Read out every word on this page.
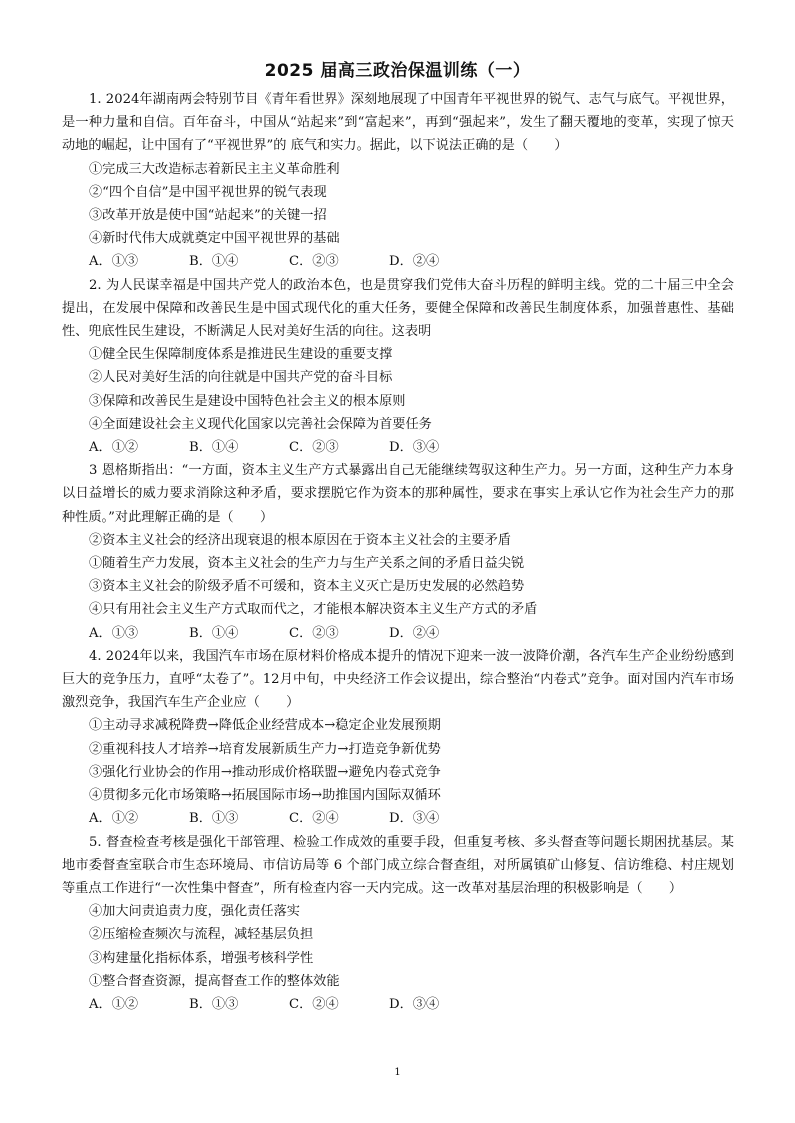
2025 届高三政治保温训练（一）

1. 2024年湖南两会特别节目《青年看世界》深刻地展现了中国青年平视世界的锐气、志气与底气。平视世界，是一种力量和自信。百年奋斗，中国从“站起来”到“富起来”，再到“强起来”，发生了翻天覆地的变革，实现了惊天动地的崛起，让中国有了“平视世界”的 底气和实力。据此，以下说法正确的是（　　）

①完成三大改造标志着新民主主义革命胜利

②“四个自信”是中国平视世界的锐气表现

③改革开放是使中国“站起来”的关键一招

④新时代伟大成就奠定中国平视世界的基础

A．①③	B．①④	C．②③	D．②④

2. 为人民谋幸福是中国共产党人的政治本色，也是贯穿我们党伟大奋斗历程的鲜明主线。党的二十届三中全会提出，在发展中保障和改善民生是中国式现代化的重大任务，要健全保障和改善民生制度体系，加强普惠性、基础性、兜底性民生建设，不断满足人民对美好生活的向往。这表明

①健全民生保障制度体系是推进民生建设的重要支撑

②人民对美好生活的向往就是中国共产党的奋斗目标

③保障和改善民生是建设中国特色社会主义的根本原则

④全面建设社会主义现代化国家以完善社会保障为首要任务

A．①②	B．①④	C．②③	D．③④

3 恩格斯指出：“一方面，资本主义生产方式暴露出自己无能继续驾驭这种生产力。另一方面，这种生产力本身以日益增长的威力要求消除这种矛盾，要求摆脱它作为资本的那种属性，要求在事实上承认它作为社会生产力的那种性质。”对此理解正确的是（　　）

②资本主义社会的经济出现衰退的根本原因在于资本主义社会的主要矛盾

①随着生产力发展，资本主义社会的生产力与生产关系之间的矛盾日益尖锐

③资本主义社会的阶级矛盾不可缓和，资本主义灭亡是历史发展的必然趋势

④只有用社会主义生产方式取而代之，才能根本解决资本主义生产方式的矛盾

A．①③	B．①④	C．②③	D．②④

4. 2024年以来，我国汽车市场在原材料价格成本提升的情况下迎来一波一波降价潮，各汽车生产企业纷纷感到巨大的竞争压力，直呼“太卷了”。12月中旬，中央经济工作会议提出，综合整治“内卷式”竞争。面对国内汽车市场激烈竞争，我国汽车生产企业应（　　）

①主动寻求减税降费→降低企业经营成本→稳定企业发展预期

②重视科技人才培养→培育发展新质生产力→打造竞争新优势

③强化行业协会的作用→推动形成价格联盟→避免内卷式竞争

④贯彻多元化市场策略→拓展国际市场→助推国内国际双循环

A．①②	B．①③	C．②④	D．③④

5. 督查检查考核是强化干部管理、检验工作成效的重要手段，但重复考核、多头督查等问题长期困扰基层。某地市委督查室联合市生态环境局、市信访局等 6 个部门成立综合督查组，对所属镇矿山修复、信访维稳、村庄规划等重点工作进行“一次性集中督查”，所有检查内容一天内完成。这一改革对基层治理的积极影响是（　　）

④加大问责追责力度，强化责任落实

②压缩检查频次与流程，减轻基层负担

③构建量化指标体系，增强考核科学性

①整合督查资源，提高督查工作的整体效能

A．①②	B．①③	C．②④	D．③④
1
